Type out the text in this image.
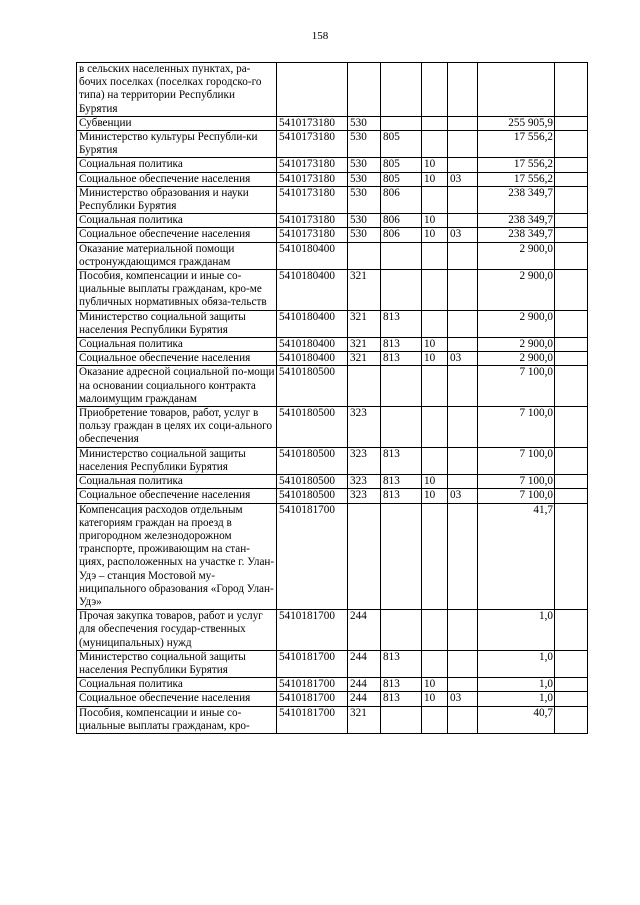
158
в сельских населенных пунктах, ра-бочих поселках (поселках городско-го типа) на территории Республики Бурятия							
Субвенции	5410173180	530				255 905,9	
Министерство культуры Республи-ки Бурятия	5410173180	530	805			17 556,2	
Социальная политика	5410173180	530	805	10		17 556,2	
Социальное обеспечение населения	5410173180	530	805	10	03	17 556,2	
Министерство образования и науки Республики Бурятия	5410173180	530	806			238 349,7	
Социальная политика	5410173180	530	806	10		238 349,7	
Социальное обеспечение населения	5410173180	530	806	10	03	238 349,7	
Оказание материальной помощи остронуждающимся гражданам	5410180400					2 900,0	
Пособия, компенсации и иные со-циальные выплаты гражданам, кро-ме публичных нормативных обяза-тельств	5410180400	321				2 900,0	
Министерство социальной защиты населения Республики Бурятия	5410180400	321	813			2 900,0	
Социальная политика	5410180400	321	813	10		2 900,0	
Социальное обеспечение населения	5410180400	321	813	10	03	2 900,0	
Оказание адресной социальной по-мощи на основании социального контракта малоимущим гражданам	5410180500					7 100,0	
Приобретение товаров, работ, услуг в пользу граждан в целях их соци-ального обеспечения	5410180500	323				7 100,0	
Министерство социальной защиты населения Республики Бурятия	5410180500	323	813			7 100,0	
Социальная политика	5410180500	323	813	10		7 100,0	
Социальное обеспечение населения	5410180500	323	813	10	03	7 100,0	
Компенсация расходов отдельным категориям граждан на проезд в пригородном железнодорожном транспорте, проживающим на стан-циях, расположенных на участке г. Улан-Удэ – станция Мостовой му-ниципального образования «Город Улан-Удэ»	5410181700					41,7	
Прочая закупка товаров, работ и услуг для обеспечения государ-ственных (муниципальных) нужд	5410181700	244				1,0	
Министерство социальной защиты населения Республики Бурятия	5410181700	244	813			1,0	
Социальная политика	5410181700	244	813	10		1,0	
Социальное обеспечение населения	5410181700	244	813	10	03	1,0	
Пособия, компенсации и иные со-циальные выплаты гражданам, кро-	5410181700	321				40,7	
